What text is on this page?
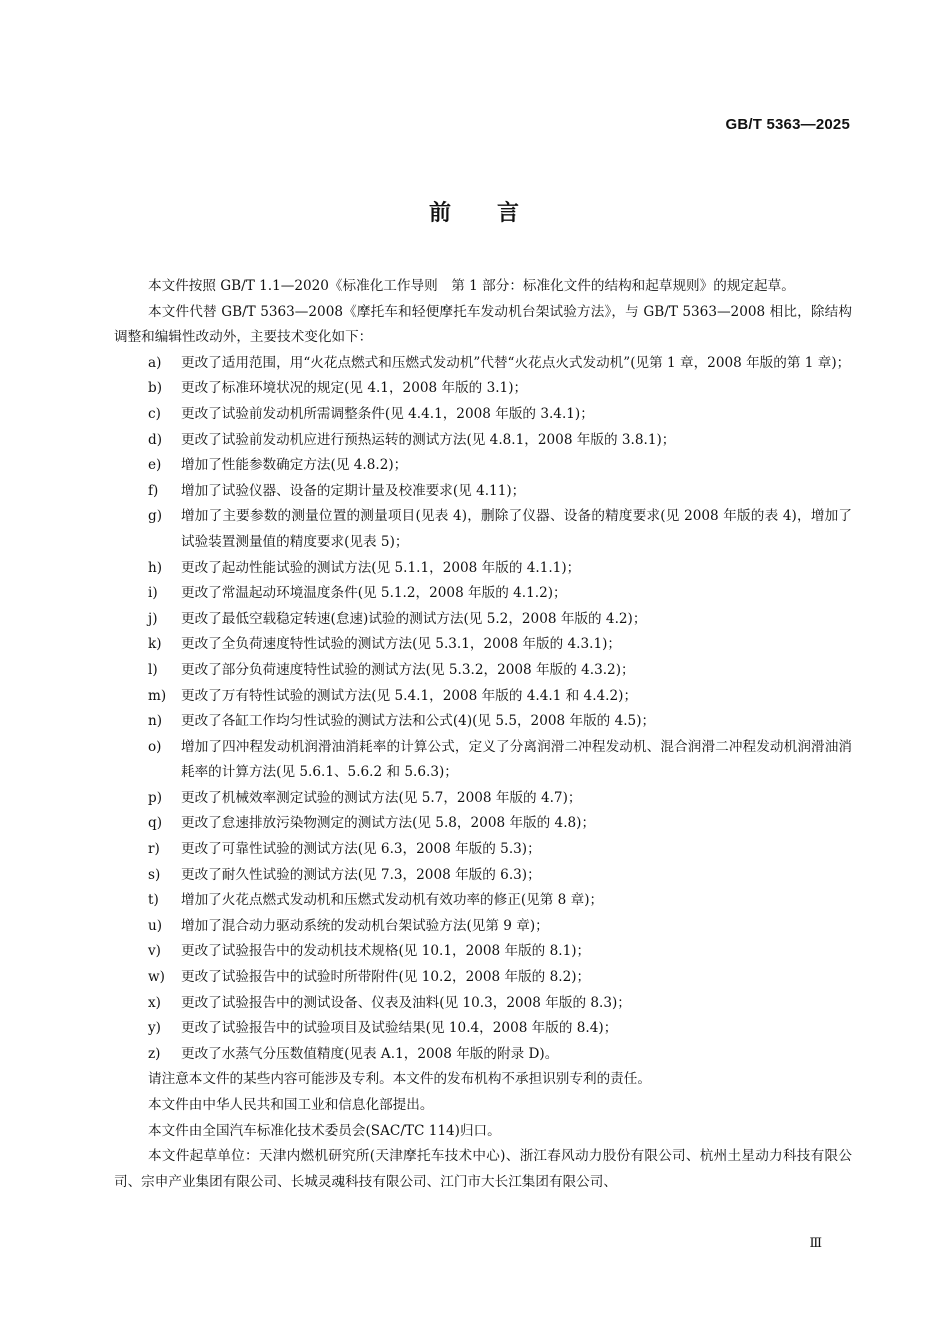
GB/T 5363—2025
前 言

本文件按照 GB/T 1.1—2020《标准化工作导则　第 1 部分：标准化文件的结构和起草规则》的规定起草。

本文件代替 GB/T 5363—2008《摩托车和轻便摩托车发动机台架试验方法》，与 GB/T 5363—2008 相比，除结构调整和编辑性改动外，主要技术变化如下：

a) 更改了适用范围，用“火花点燃式和压燃式发动机”代替“火花点火式发动机”(见第 1 章，2008 年版的第 1 章)；
b) 更改了标准环境状况的规定(见 4.1，2008 年版的 3.1)；
c) 更改了试验前发动机所需调整条件(见 4.4.1，2008 年版的 3.4.1)；
d) 更改了试验前发动机应进行预热运转的测试方法(见 4.8.1，2008 年版的 3.8.1)；
e) 增加了性能参数确定方法(见 4.8.2)；
f) 增加了试验仪器、设备的定期计量及校准要求(见 4.11)；
g) 增加了主要参数的测量位置的测量项目(见表 4)，删除了仪器、设备的精度要求(见 2008 年版的表 4)，增加了试验装置测量值的精度要求(见表 5)；
h) 更改了起动性能试验的测试方法(见 5.1.1，2008 年版的 4.1.1)；
i) 更改了常温起动环境温度条件(见 5.1.2，2008 年版的 4.1.2)；
j) 更改了最低空载稳定转速(怠速)试验的测试方法(见 5.2，2008 年版的 4.2)；
k) 更改了全负荷速度特性试验的测试方法(见 5.3.1，2008 年版的 4.3.1)；
l) 更改了部分负荷速度特性试验的测试方法(见 5.3.2，2008 年版的 4.3.2)；
m) 更改了万有特性试验的测试方法(见 5.4.1，2008 年版的 4.4.1 和 4.4.2)；
n) 更改了各缸工作均匀性试验的测试方法和公式(4)(见 5.5，2008 年版的 4.5)；
o) 增加了四冲程发动机润滑油消耗率的计算公式，定义了分离润滑二冲程发动机、混合润滑二冲程发动机润滑油消耗率的计算方法(见 5.6.1、5.6.2 和 5.6.3)；
p) 更改了机械效率测定试验的测试方法(见 5.7，2008 年版的 4.7)；
q) 更改了怠速排放污染物测定的测试方法(见 5.8，2008 年版的 4.8)；
r) 更改了可靠性试验的测试方法(见 6.3，2008 年版的 5.3)；
s) 更改了耐久性试验的测试方法(见 7.3，2008 年版的 6.3)；
t) 增加了火花点燃式发动机和压燃式发动机有效功率的修正(见第 8 章)；
u) 增加了混合动力驱动系统的发动机台架试验方法(见第 9 章)；
v) 更改了试验报告中的发动机技术规格(见 10.1，2008 年版的 8.1)；
w) 更改了试验报告中的试验时所带附件(见 10.2，2008 年版的 8.2)；
x) 更改了试验报告中的测试设备、仪表及油料(见 10.3，2008 年版的 8.3)；
y) 更改了试验报告中的试验项目及试验结果(见 10.4，2008 年版的 8.4)；
z) 更改了水蒸气分压数值精度(见表 A.1，2008 年版的附录 D)。

请注意本文件的某些内容可能涉及专利。本文件的发布机构不承担识别专利的责任。

本文件由中华人民共和国工业和信息化部提出。

本文件由全国汽车标准化技术委员会(SAC/TC 114)归口。

本文件起草单位：天津内燃机研究所(天津摩托车技术中心)、浙江春风动力股份有限公司、杭州土星动力科技有限公司、宗申产业集团有限公司、长城灵魂科技有限公司、江门市大长江集团有限公司、

Ⅲ
